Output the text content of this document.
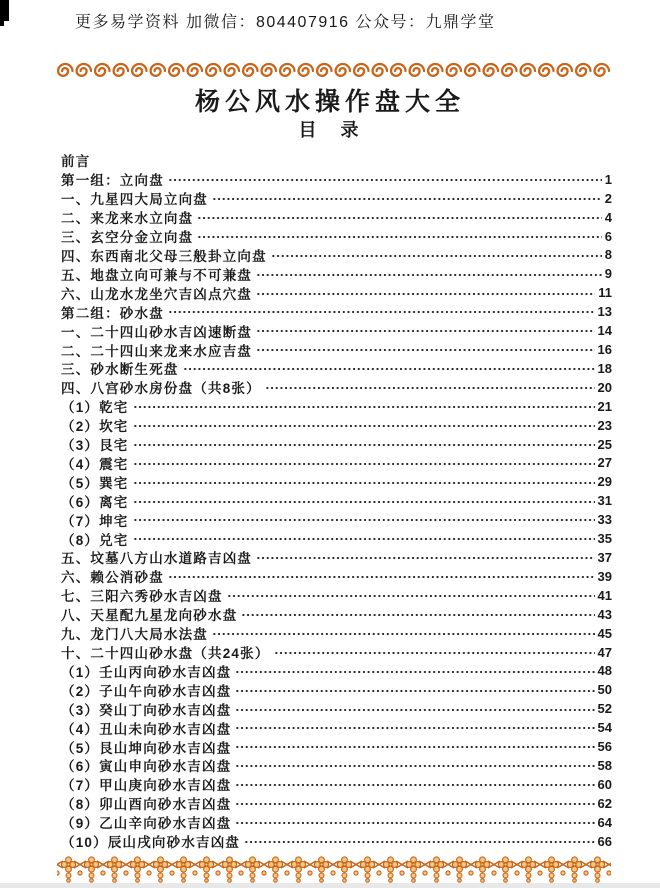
更多易学资料 加微信：804407916 公众号：九鼎学堂
杨公风水操作盘大全
目　录
前言
第一组：立向盘	1
一、九星四大局立向盘	2
二、来龙来水立向盘	4
三、玄空分金立向盘	6
四、东西南北父母三般卦立向盘	8
五、地盘立向可兼与不可兼盘	9
六、山龙水龙坐穴吉凶点穴盘	11
第二组：砂水盘	13
一、二十四山砂水吉凶速断盘	14
二、二十四山来龙来水应吉盘	16
三、砂水断生死盘	18
四、八宫砂水房份盘（共8张）	20
（1）乾宅	21
（2）坎宅	23
（3）艮宅	25
（4）震宅	27
（5）巽宅	29
（6）离宅	31
（7）坤宅	33
（8）兑宅	35
五、坟墓八方山水道路吉凶盘	37
六、赖公消砂盘	39
七、三阳六秀砂水吉凶盘	41
八、天星配九星龙向砂水盘	43
九、龙门八大局水法盘	45
十、二十四山砂水盘（共24张）	47
（1）壬山丙向砂水吉凶盘	48
（2）子山午向砂水吉凶盘	50
（3）癸山丁向砂水吉凶盘	52
（4）丑山未向砂水吉凶盘	54
（5）艮山坤向砂水吉凶盘	56
（6）寅山申向砂水吉凶盘	58
（7）甲山庚向砂水吉凶盘	60
（8）卯山酉向砂水吉凶盘	62
（9）乙山辛向砂水吉凶盘	64
（10）辰山戌向砂水吉凶盘	66
